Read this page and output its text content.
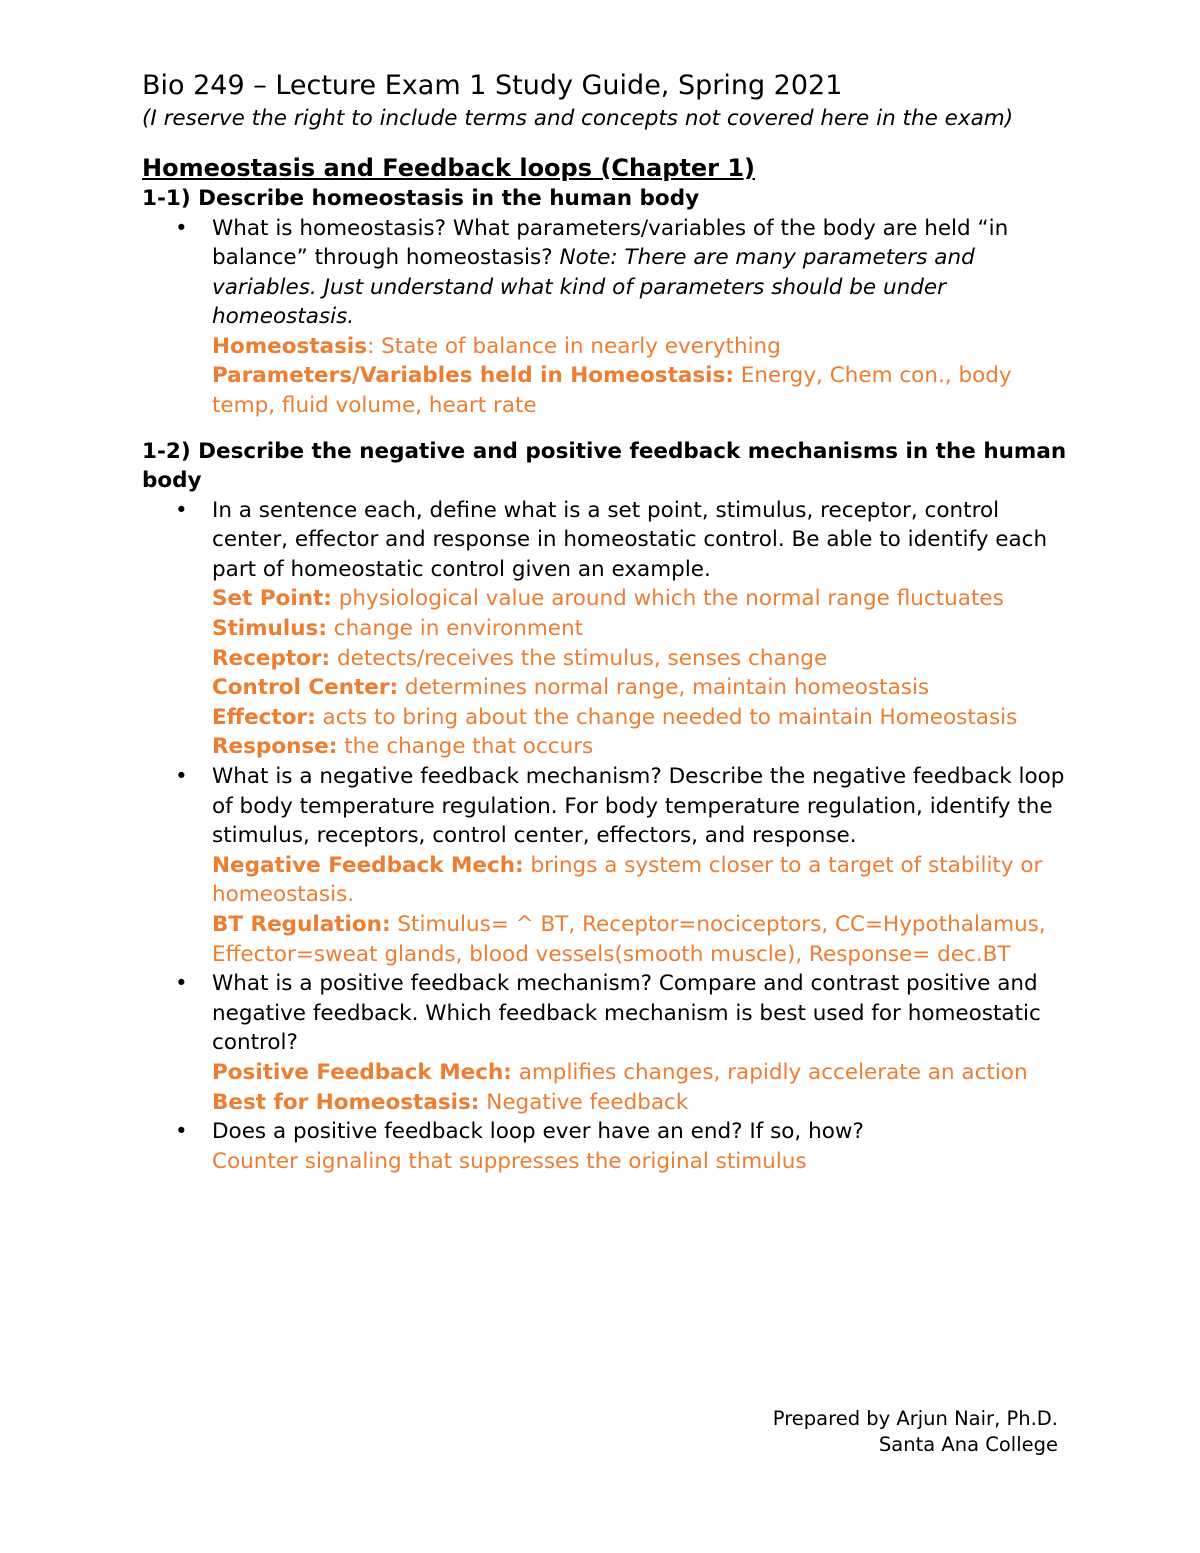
Bio 249 – Lecture Exam 1 Study Guide, Spring 2021

(I reserve the right to include terms and concepts not covered here in the exam)

Homeostasis and Feedback loops (Chapter 1)

1-1) Describe homeostasis in the human body

• What is homeostasis? What parameters/variables of the body are held “in balance” through homeostasis? Note: There are many parameters and variables. Just understand what kind of parameters should be under homeostasis.
Homeostasis: State of balance in nearly everything
Parameters/Variables held in Homeostasis: Energy, Chem con., body temp, fluid volume, heart rate

1-2) Describe the negative and positive feedback mechanisms in the human body

• In a sentence each, define what is a set point, stimulus, receptor, control center, effector and response in homeostatic control. Be able to identify each part of homeostatic control given an example.
Set Point: physiological value around which the normal range fluctuates
Stimulus: change in environment
Receptor: detects/receives the stimulus, senses change
Control Center: determines normal range, maintain homeostasis
Effector: acts to bring about the change needed to maintain Homeostasis
Response: the change that occurs
• What is a negative feedback mechanism? Describe the negative feedback loop of body temperature regulation. For body temperature regulation, identify the stimulus, receptors, control center, effectors, and response.
Negative Feedback Mech: brings a system closer to a target of stability or homeostasis.
BT Regulation: Stimulus= ^ BT, Receptor=nociceptors, CC=Hypothalamus, Effector=sweat glands, blood vessels(smooth muscle), Response= dec.BT
• What is a positive feedback mechanism? Compare and contrast positive and negative feedback. Which feedback mechanism is best used for homeostatic control?
Positive Feedback Mech: amplifies changes, rapidly accelerate an action
Best for Homeostasis: Negative feedback
• Does a positive feedback loop ever have an end? If so, how?
Counter signaling that suppresses the original stimulus
Prepared by Arjun Nair, Ph.D.
Santa Ana College
